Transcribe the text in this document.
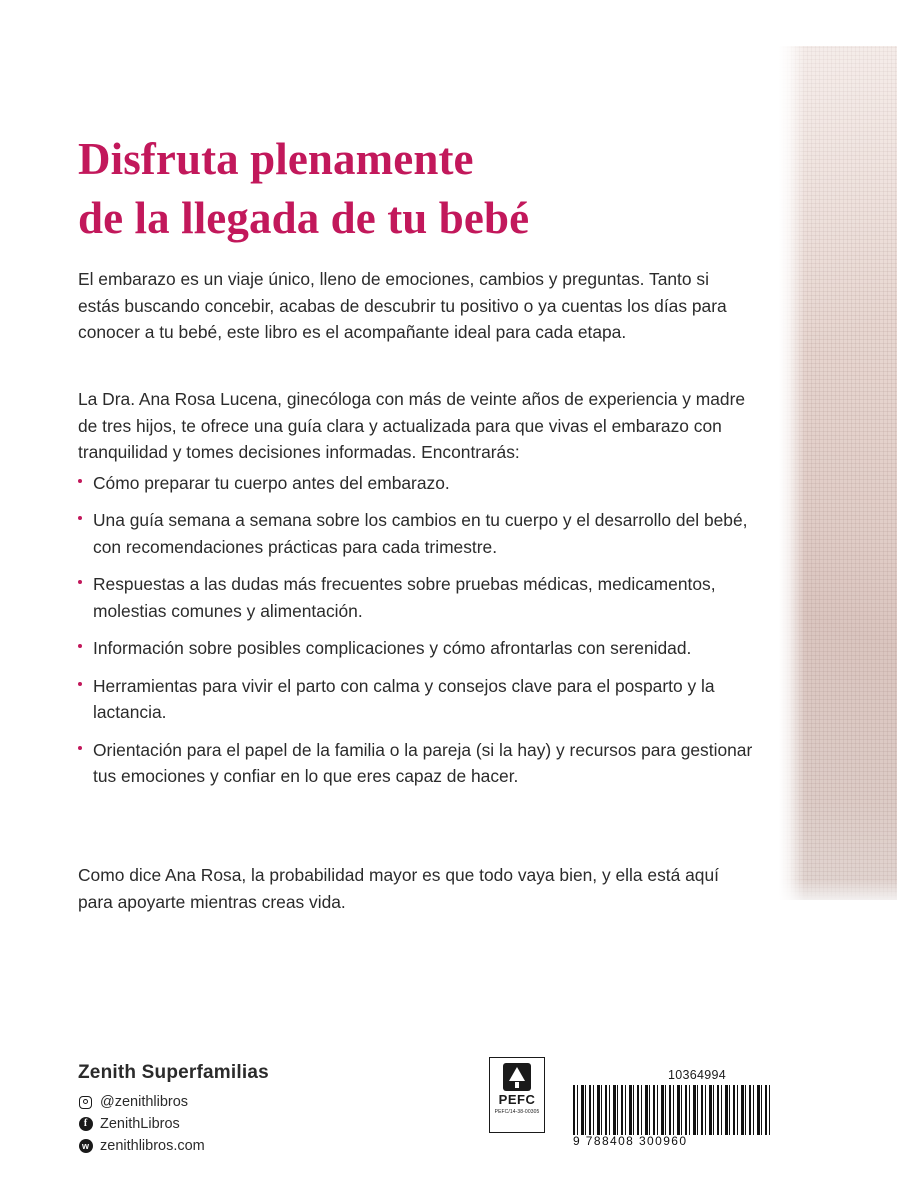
Disfruta plenamente
de la llegada de tu bebé

El embarazo es un viaje único, lleno de emociones, cambios y preguntas. Tanto si estás buscando concebir, acabas de descubrir tu positivo o ya cuentas los días para conocer a tu bebé, este libro es el acompañante ideal para cada etapa.

La Dra. Ana Rosa Lucena, ginecóloga con más de veinte años de experiencia y madre de tres hijos, te ofrece una guía clara y actualizada para que vivas el embarazo con tranquilidad y tomes decisiones informadas. Encontrarás:

Cómo preparar tu cuerpo antes del embarazo.
Una guía semana a semana sobre los cambios en tu cuerpo y el desarrollo del bebé, con recomendaciones prácticas para cada trimestre.
Respuestas a las dudas más frecuentes sobre pruebas médicas, medicamentos, molestias comunes y alimentación.
Información sobre posibles complicaciones y cómo afrontarlas con serenidad.
Herramientas para vivir el parto con calma y consejos clave para el posparto y la lactancia.
Orientación para el papel de la familia o la pareja (si la hay) y recursos para gestionar tus emociones y confiar en lo que eres capaz de hacer.

Como dice Ana Rosa, la probabilidad mayor es que todo vaya bien, y ella está aquí para apoyarte mientras creas vida.

Zenith Superfamilias
@zenithlibros
f ZenithLibros
w zenithlibros.com
PEFC
PEFC/14-38-00305
10364994
9 788408 300960
